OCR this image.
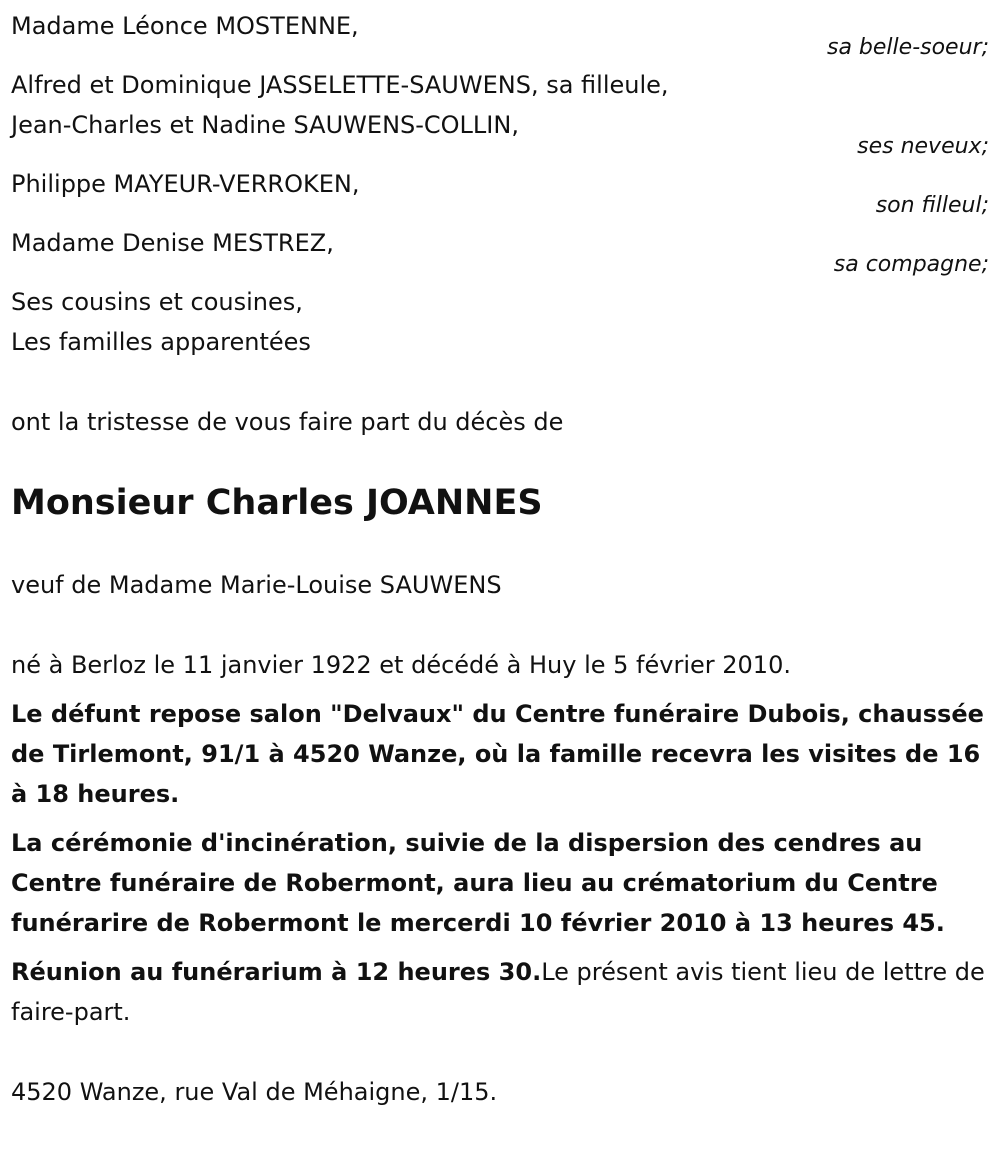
Madame Léonce MOSTENNE,
sa belle-soeur;
Alfred et Dominique JASSELETTE-SAUWENS, sa filleule,
Jean-Charles et Nadine SAUWENS-COLLIN,
ses neveux;
Philippe MAYEUR-VERROKEN,
son filleul;
Madame Denise MESTREZ,
sa compagne;
Ses cousins et cousines,
Les familles apparentées
ont la tristesse de vous faire part du décès de
Monsieur Charles JOANNES
veuf de Madame Marie-Louise SAUWENS
né à Berloz le 11 janvier 1922 et décédé à Huy le 5 février 2010.

Le défunt repose salon "Delvaux" du Centre funéraire Dubois, chaussée de Tirlemont, 91/1 à 4520 Wanze, où la famille recevra les visites de 16 à 18 heures.

La cérémonie d'incinération, suivie de la dispersion des cendres au Centre funéraire de Robermont, aura lieu au crématorium du Centre funérarire de Robermont le mercerdi 10 février 2010 à 13 heures 45.

Réunion au funérarium à 12 heures 30.Le présent avis tient lieu de lettre de faire-part.

4520 Wanze, rue Val de Méhaigne, 1/15.
